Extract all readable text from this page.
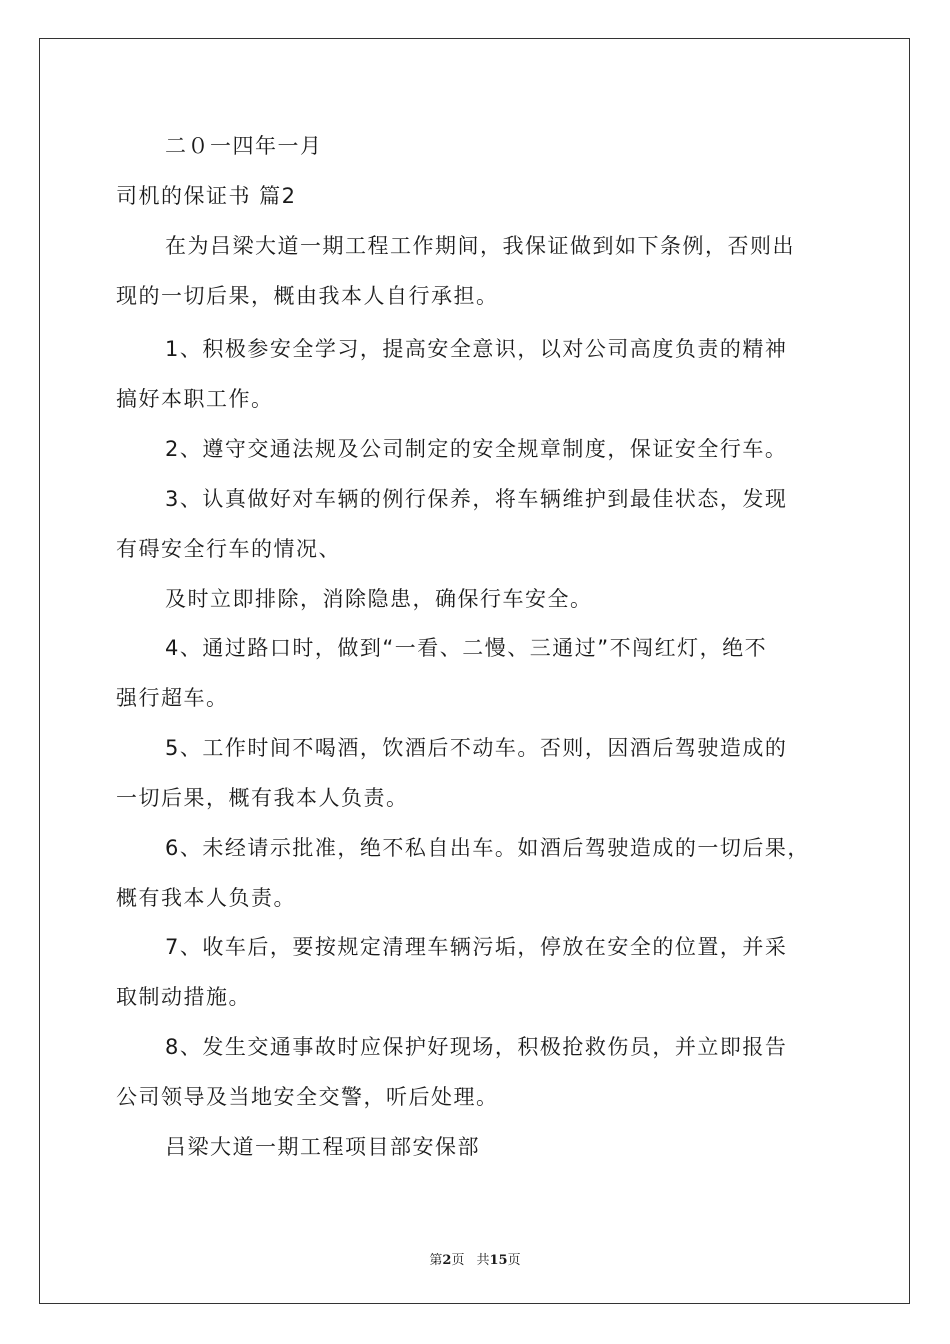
二０一四年一月
司机的保证书 篇2
在为吕梁大道一期工程工作期间，我保证做到如下条例，否则出
现的一切后果，概由我本人自行承担。
1、积极参安全学习，提高安全意识，以对公司高度负责的精神
搞好本职工作。
2、遵守交通法规及公司制定的安全规章制度，保证安全行车。
3、认真做好对车辆的例行保养，将车辆维护到最佳状态，发现
有碍安全行车的情况、
及时立即排除，消除隐患，确保行车安全。
4、通过路口时，做到“一看、二慢、三通过”不闯红灯，绝不
强行超车。
5、工作时间不喝酒，饮酒后不动车。否则，因酒后驾驶造成的
一切后果，概有我本人负责。
6、未经请示批准，绝不私自出车。如酒后驾驶造成的一切后果，
概有我本人负责。
7、收车后，要按规定清理车辆污垢，停放在安全的位置，并采
取制动措施。
8、发生交通事故时应保护好现场，积极抢救伤员，并立即报告
公司领导及当地安全交警，听后处理。
吕梁大道一期工程项目部安保部
第2页 共15页
